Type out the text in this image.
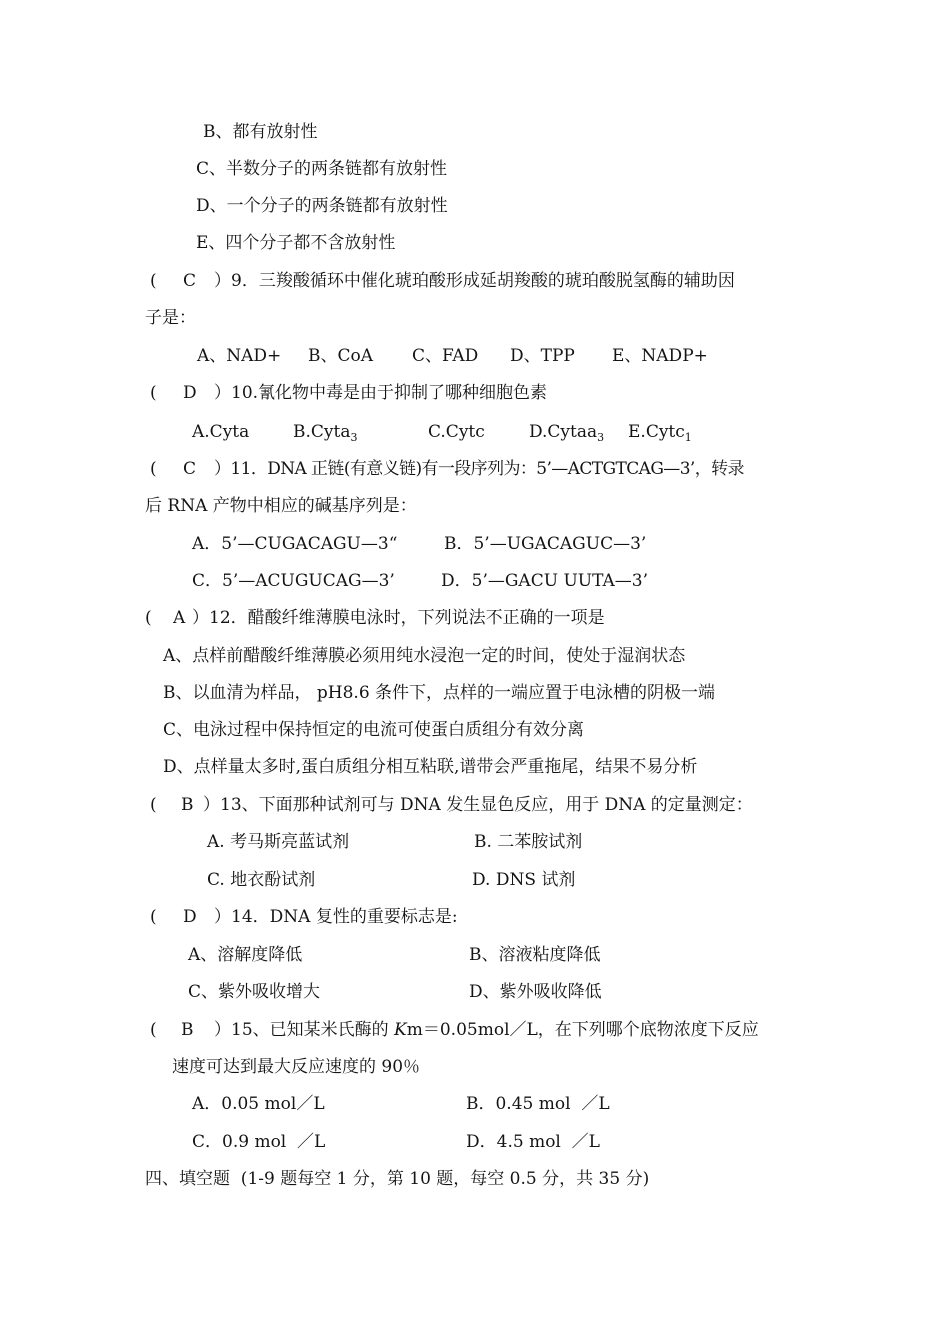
B、都有放射性
C、半数分子的两条链都有放射性
D、一个分子的两条链都有放射性
E、四个分子都不含放射性
( C ）9．三羧酸循环中催化琥珀酸形成延胡羧酸的琥珀酸脱氢酶的辅助因
子是：
A、NAD+ B、CoA C、FAD D、TPP E、NADP+
( D ）10.氰化物中毒是由于抑制了哪种细胞色素
A.Cyta	B.Cyta$_3$	C.Cytc	D.Cytaa$_3$ E.Cytc$_1$
( C ）11．DNA 正链(有意义链)有一段序列为：5’—ACTGTCAG—3’，转录
后 RNA 产物中相应的碱基序列是：
A．5’—CUGACAGU—3“	B．5’—UGACAGUC—3’
C．5’—ACUGUCAG—3’	D．5’—GACU UUTA—3’
( A ）12．醋酸纤维薄膜电泳时，下列说法不正确的一项是
A、点样前醋酸纤维薄膜必须用纯水浸泡一定的时间，使处于湿润状态
B、以血清为样品， pH8.6 条件下，点样的一端应置于电泳槽的阴极一端
C、电泳过程中保持恒定的电流可使蛋白质组分有效分离
D、点样量太多时,蛋白质组分相互粘联,谱带会严重拖尾，结果不易分析
( B ）13、下面那种试剂可与 DNA 发生显色反应，用于 DNA 的定量测定：
A. 考马斯亮蓝试剂	B. 二苯胺试剂
C. 地衣酚试剂	D. DNS 试剂
( D ）14．DNA 复性的重要标志是:
A、溶解度降低	B、溶液粘度降低
C、紫外吸收增大	D、紫外吸收降低
( B ）15、已知某米氏酶的 Km＝0.05mol／L，在下列哪个底物浓度下反应
速度可达到最大反应速度的 90％
A．0.05 mol／L	B．0.45 mol  ／L
C．0.9 mol  ／L	D．4.5 mol  ／L
四、填空题  (1-9 题每空 1 分，第 10 题，每空 0.5 分，共 35 分)
